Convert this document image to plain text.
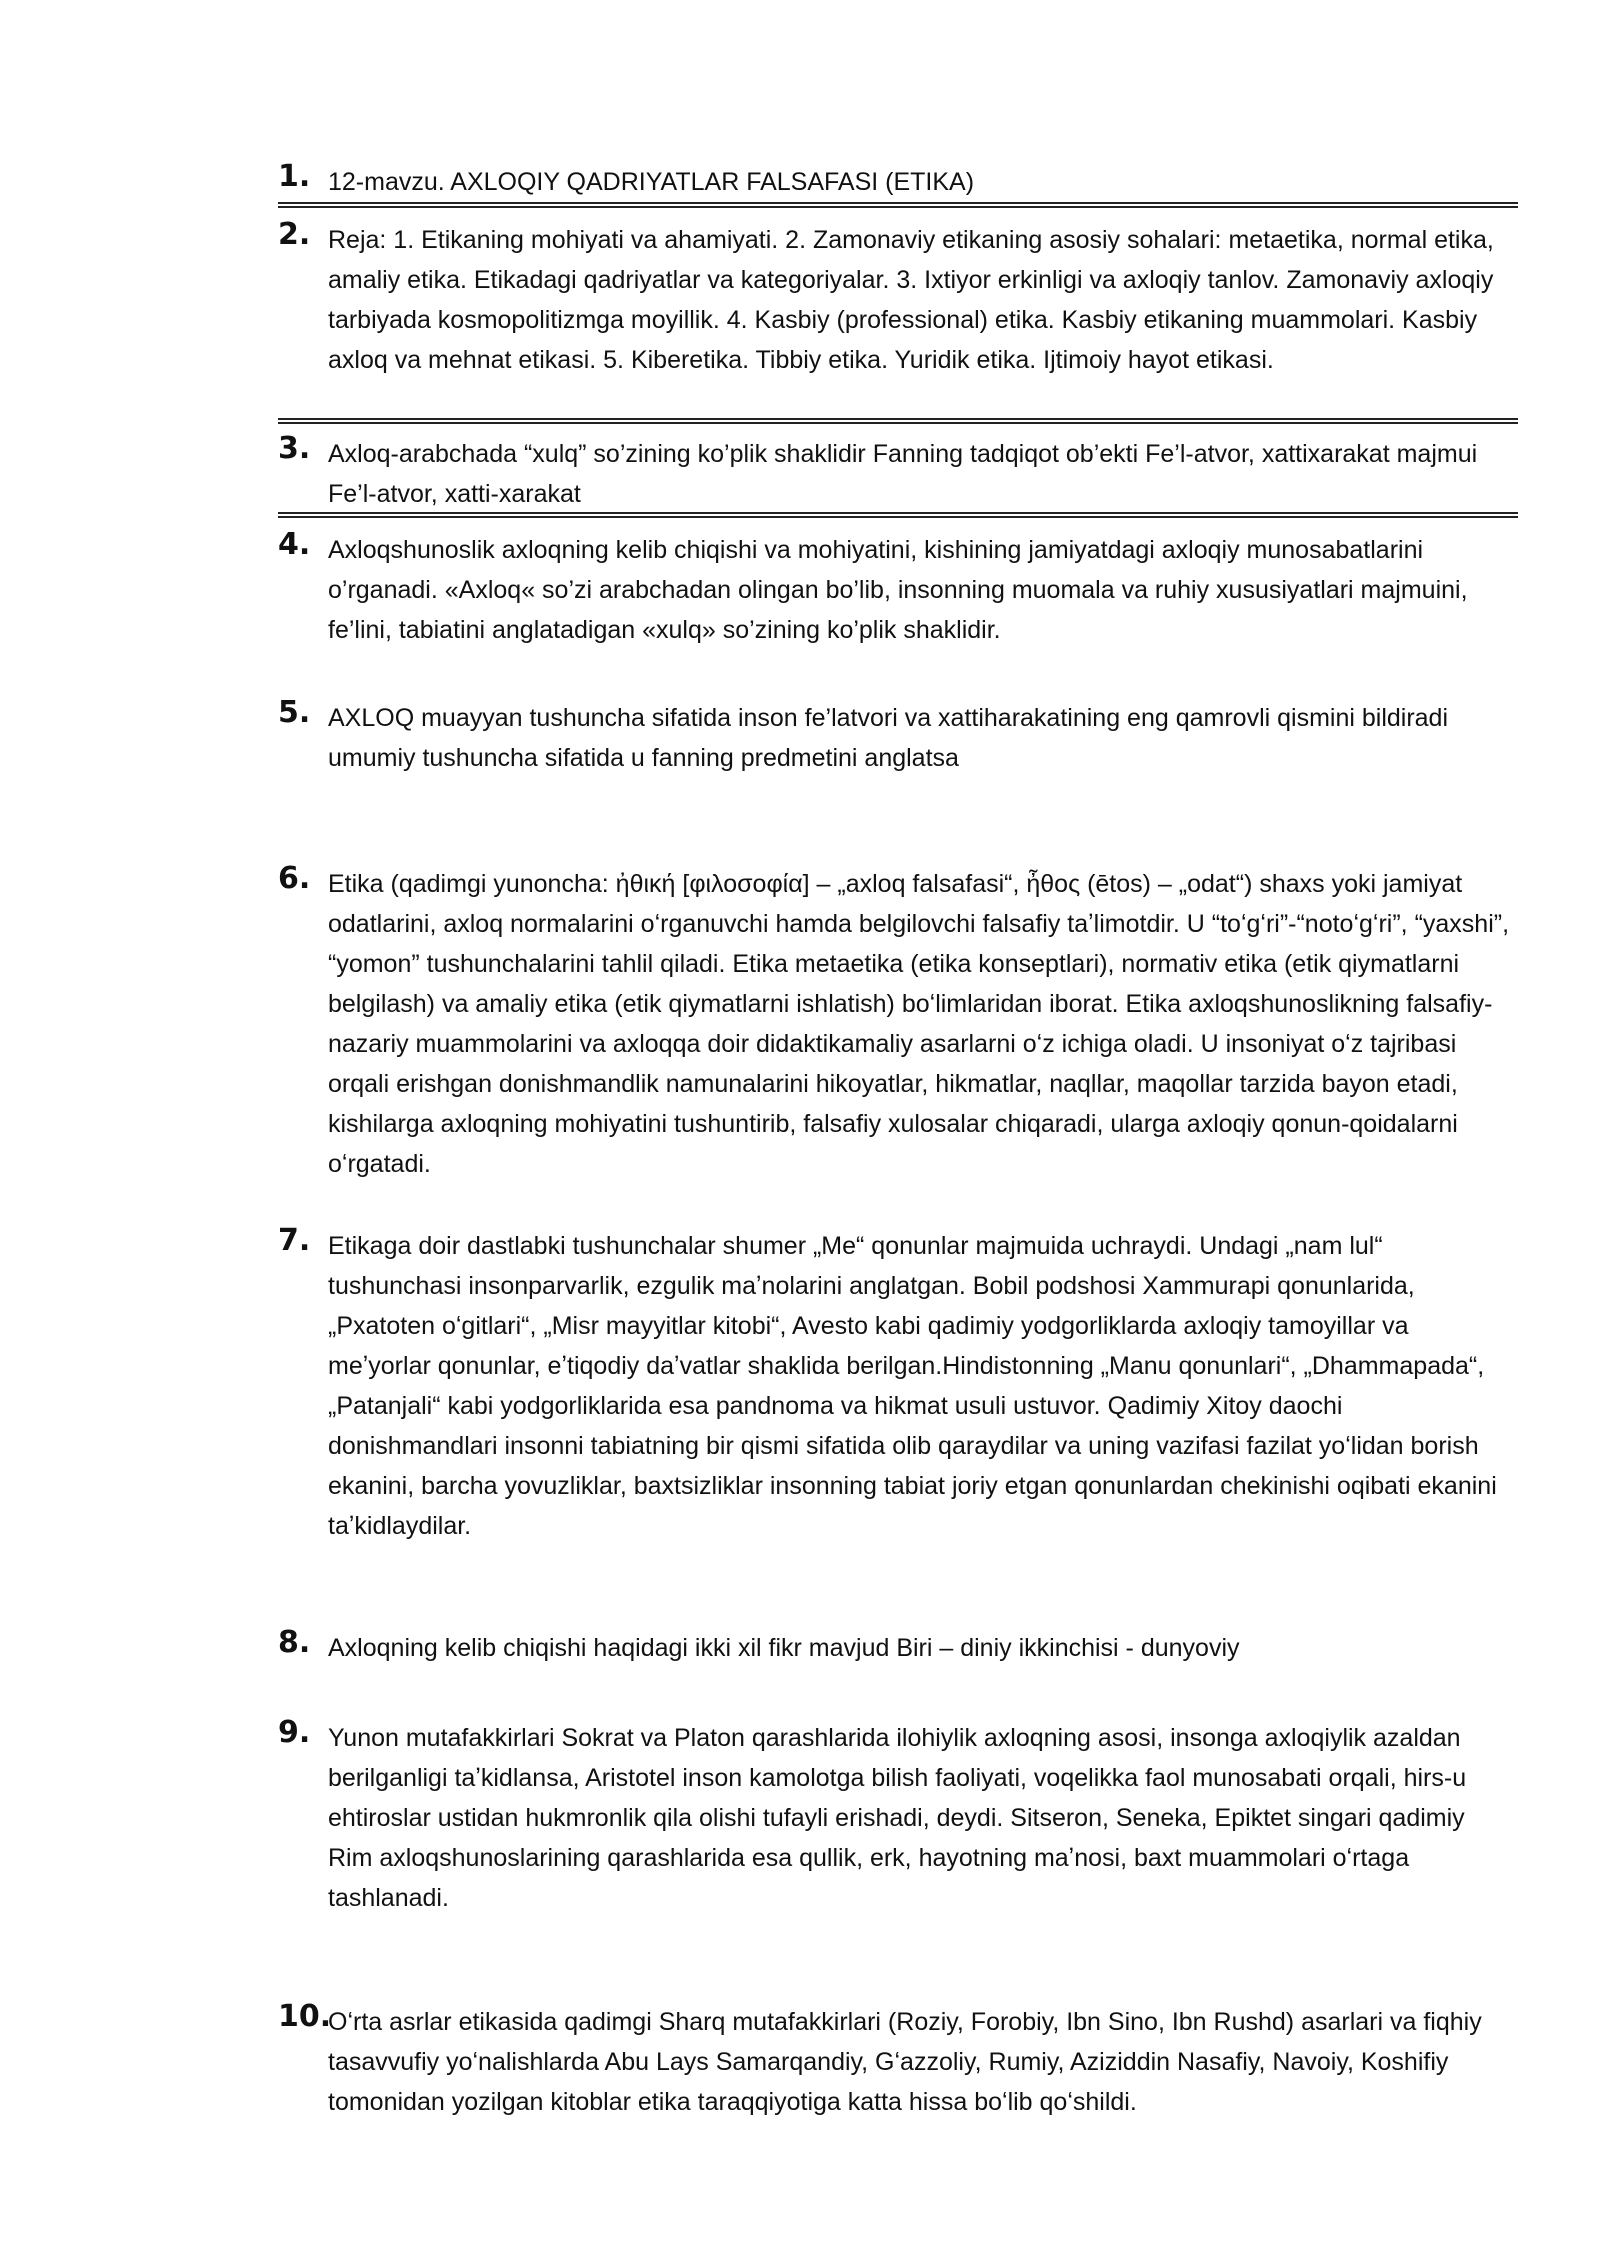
1. 12-mavzu. AXLOQIY QADRIYATLAR FALSAFASI (ETIKA)

2. Reja: 1. Etikaning mohiyati va ahamiyati. 2. Zamonaviy etikaning asosiy sohalari: metaetika, normal etika, amaliy etika. Etikadagi qadriyatlar va kategoriyalar. 3. Ixtiyor erkinligi va axloqiy tanlov. Zamonaviy axloqiy tarbiyada kosmopolitizmga moyillik. 4. Kasbiy (professional) etika. Kasbiy etikaning muammolari. Kasbiy axloq va mehnat etikasi. 5. Kiberetika. Tibbiy etika. Yuridik etika. Ijtimoiy hayot etikasi.

3. Axloq-arabchada “xulq” so’zining ko’plik shaklidir Fanning tadqiqot ob’ekti Fe’l-atvor, xattixarakat majmui Fe’l-atvor, xatti-xarakat

4. Axloqshunoslik axloqning kelib chiqishi va mohiyatini, kishining jamiyatdagi axloqiy munosabatlarini o’rganadi. «Axloq« so’zi arabchadan olingan bo’lib, insonning muomala va ruhiy xususiyatlari majmuini, fe’lini, tabiatini anglatadigan «xulq» so’zining ko’plik shaklidir.

5. AXLOQ muayyan tushuncha sifatida inson fe’latvori va xattiharakatining eng qamrovli qismini bildiradi umumiy tushuncha sifatida u fanning predmetini anglatsa

6. Etika (qadimgi yunoncha: ἠθική [φιλοσοφία] – „axloq falsafasi“, ἦθος (ētos) – „odat“) shaxs yoki jamiyat odatlarini, axloq normalarini oʻrganuvchi hamda belgilovchi falsafiy taʼlimotdir. U “toʻgʻri”-“notoʻgʻri”, “yaxshi”, “yomon” tushunchalarini tahlil qiladi. Etika metaetika (etika konseptlari), normativ etika (etik qiymatlarni belgilash) va amaliy etika (etik qiymatlarni ishlatish) boʻlimlaridan iborat. Etika axloqshunoslikning falsafiy-nazariy muammolarini va axloqqa doir didaktikamaliy asarlarni oʻz ichiga oladi. U insoniyat oʻz tajribasi orqali erishgan donishmandlik namunalarini hikoyatlar, hikmatlar, naqllar, maqollar tarzida bayon etadi, kishilarga axloqning mohiyatini tushuntirib, falsafiy xulosalar chiqaradi, ularga axloqiy qonun-qoidalarni oʻrgatadi.

7. Etikaga doir dastlabki tushunchalar shumer „Me“ qonunlar majmuida uchraydi. Undagi „nam lul“ tushunchasi insonparvarlik, ezgulik maʼnolarini anglatgan. Bobil podshosi Xammurapi qonunlarida, „Pxatoten oʻgitlari“, „Misr mayyitlar kitobi“, Avesto kabi qadimiy yodgorliklarda axloqiy tamoyillar va meʼyorlar qonunlar, eʼtiqodiy daʼvatlar shaklida berilgan.Hindistonning „Manu qonunlari“, „Dhammapada“, „Patanjali“ kabi yodgorliklarida esa pandnoma va hikmat usuli ustuvor. Qadimiy Xitoy daochi donishmandlari insonni tabiatning bir qismi sifatida olib qaraydilar va uning vazifasi fazilat yoʻlidan borish ekanini, barcha yovuzliklar, baxtsizliklar insonning tabiat joriy etgan qonunlardan chekinishi oqibati ekanini taʼkidlaydilar.

8. Axloqning kelib chiqishi haqidagi ikki xil fikr mavjud Biri – diniy ikkinchisi - dunyoviy

9. Yunon mutafakkirlari Sokrat va Platon qarashlarida ilohiylik axloqning asosi, insonga axloqiylik azaldan berilganligi taʼkidlansa, Aristotel inson kamolotga bilish faoliyati, voqelikka faol munosabati orqali, hirs-u ehtiroslar ustidan hukmronlik qila olishi tufayli erishadi, deydi. Sitseron, Seneka, Epiktet singari qadimiy Rim axloqshunoslarining qarashlarida esa qullik, erk, hayotning maʼnosi, baxt muammolari oʻrtaga tashlanadi.

10.

Oʻrta asrlar etikasida qadimgi Sharq mutafakkirlari (Roziy, Forobiy, Ibn Sino, Ibn Rushd) asarlari va fiqhiy tasavvufiy yoʻnalishlarda Abu Lays Samarqandiy, Gʻazzoliy, Rumiy, Aziziddin Nasafiy, Navoiy, Koshifiy tomonidan yozilgan kitoblar etika taraqqiyotiga katta hissa boʻlib qoʻshildi.
